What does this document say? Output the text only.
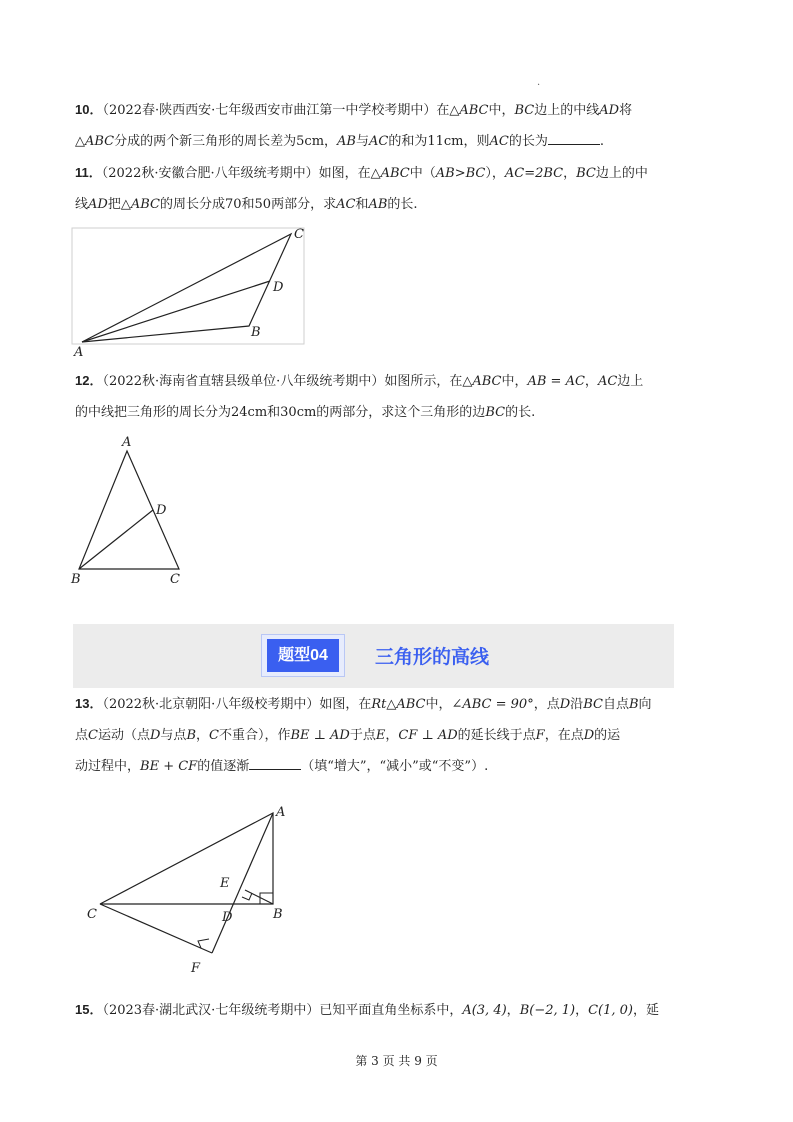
·

10．（2022春·陕西西安·七年级西安市曲江第一中学校考期中）在△ABC中，BC边上的中线AD将

△ABC分成的两个新三角形的周长差为5cm，AB与AC的和为11cm，则AC的长为	.

11．（2022秋·安徽合肥·八年级统考期中）如图，在△ABC中（AB>BC），AC=2BC，BC边上的中

线AD把△ABC的周长分成70和50两部分，求AC和AB的长.

A
C
D
B

12．（2022秋·海南省直辖县级单位·八年级统考期中）如图所示，在△ABC中，AB = AC，AC边上

的中线把三角形的周长分为24cm和30cm的两部分，求这个三角形的边BC的长.

A
D
B	C
题型04	三角形的高线

13．（2022秋·北京朝阳·八年级校考期中）如图，在Rt△ABC中，∠ABC = 90°，点D沿BC自点B向

点C运动（点D与点B，C不重合），作BE ⊥ AD于点E，CF ⊥ AD的延长线于点F，在点D的运

动过程中，BE + CF的值逐渐	（填“增大”，“减小”或“不变”）.

A
E
C	D	B
F

15．（2023春·湖北武汉·七年级统考期中）已知平面直角坐标系中，A(3, 4)，B(−2, 1)，C(1, 0)，延

第 3 页 共 9 页
